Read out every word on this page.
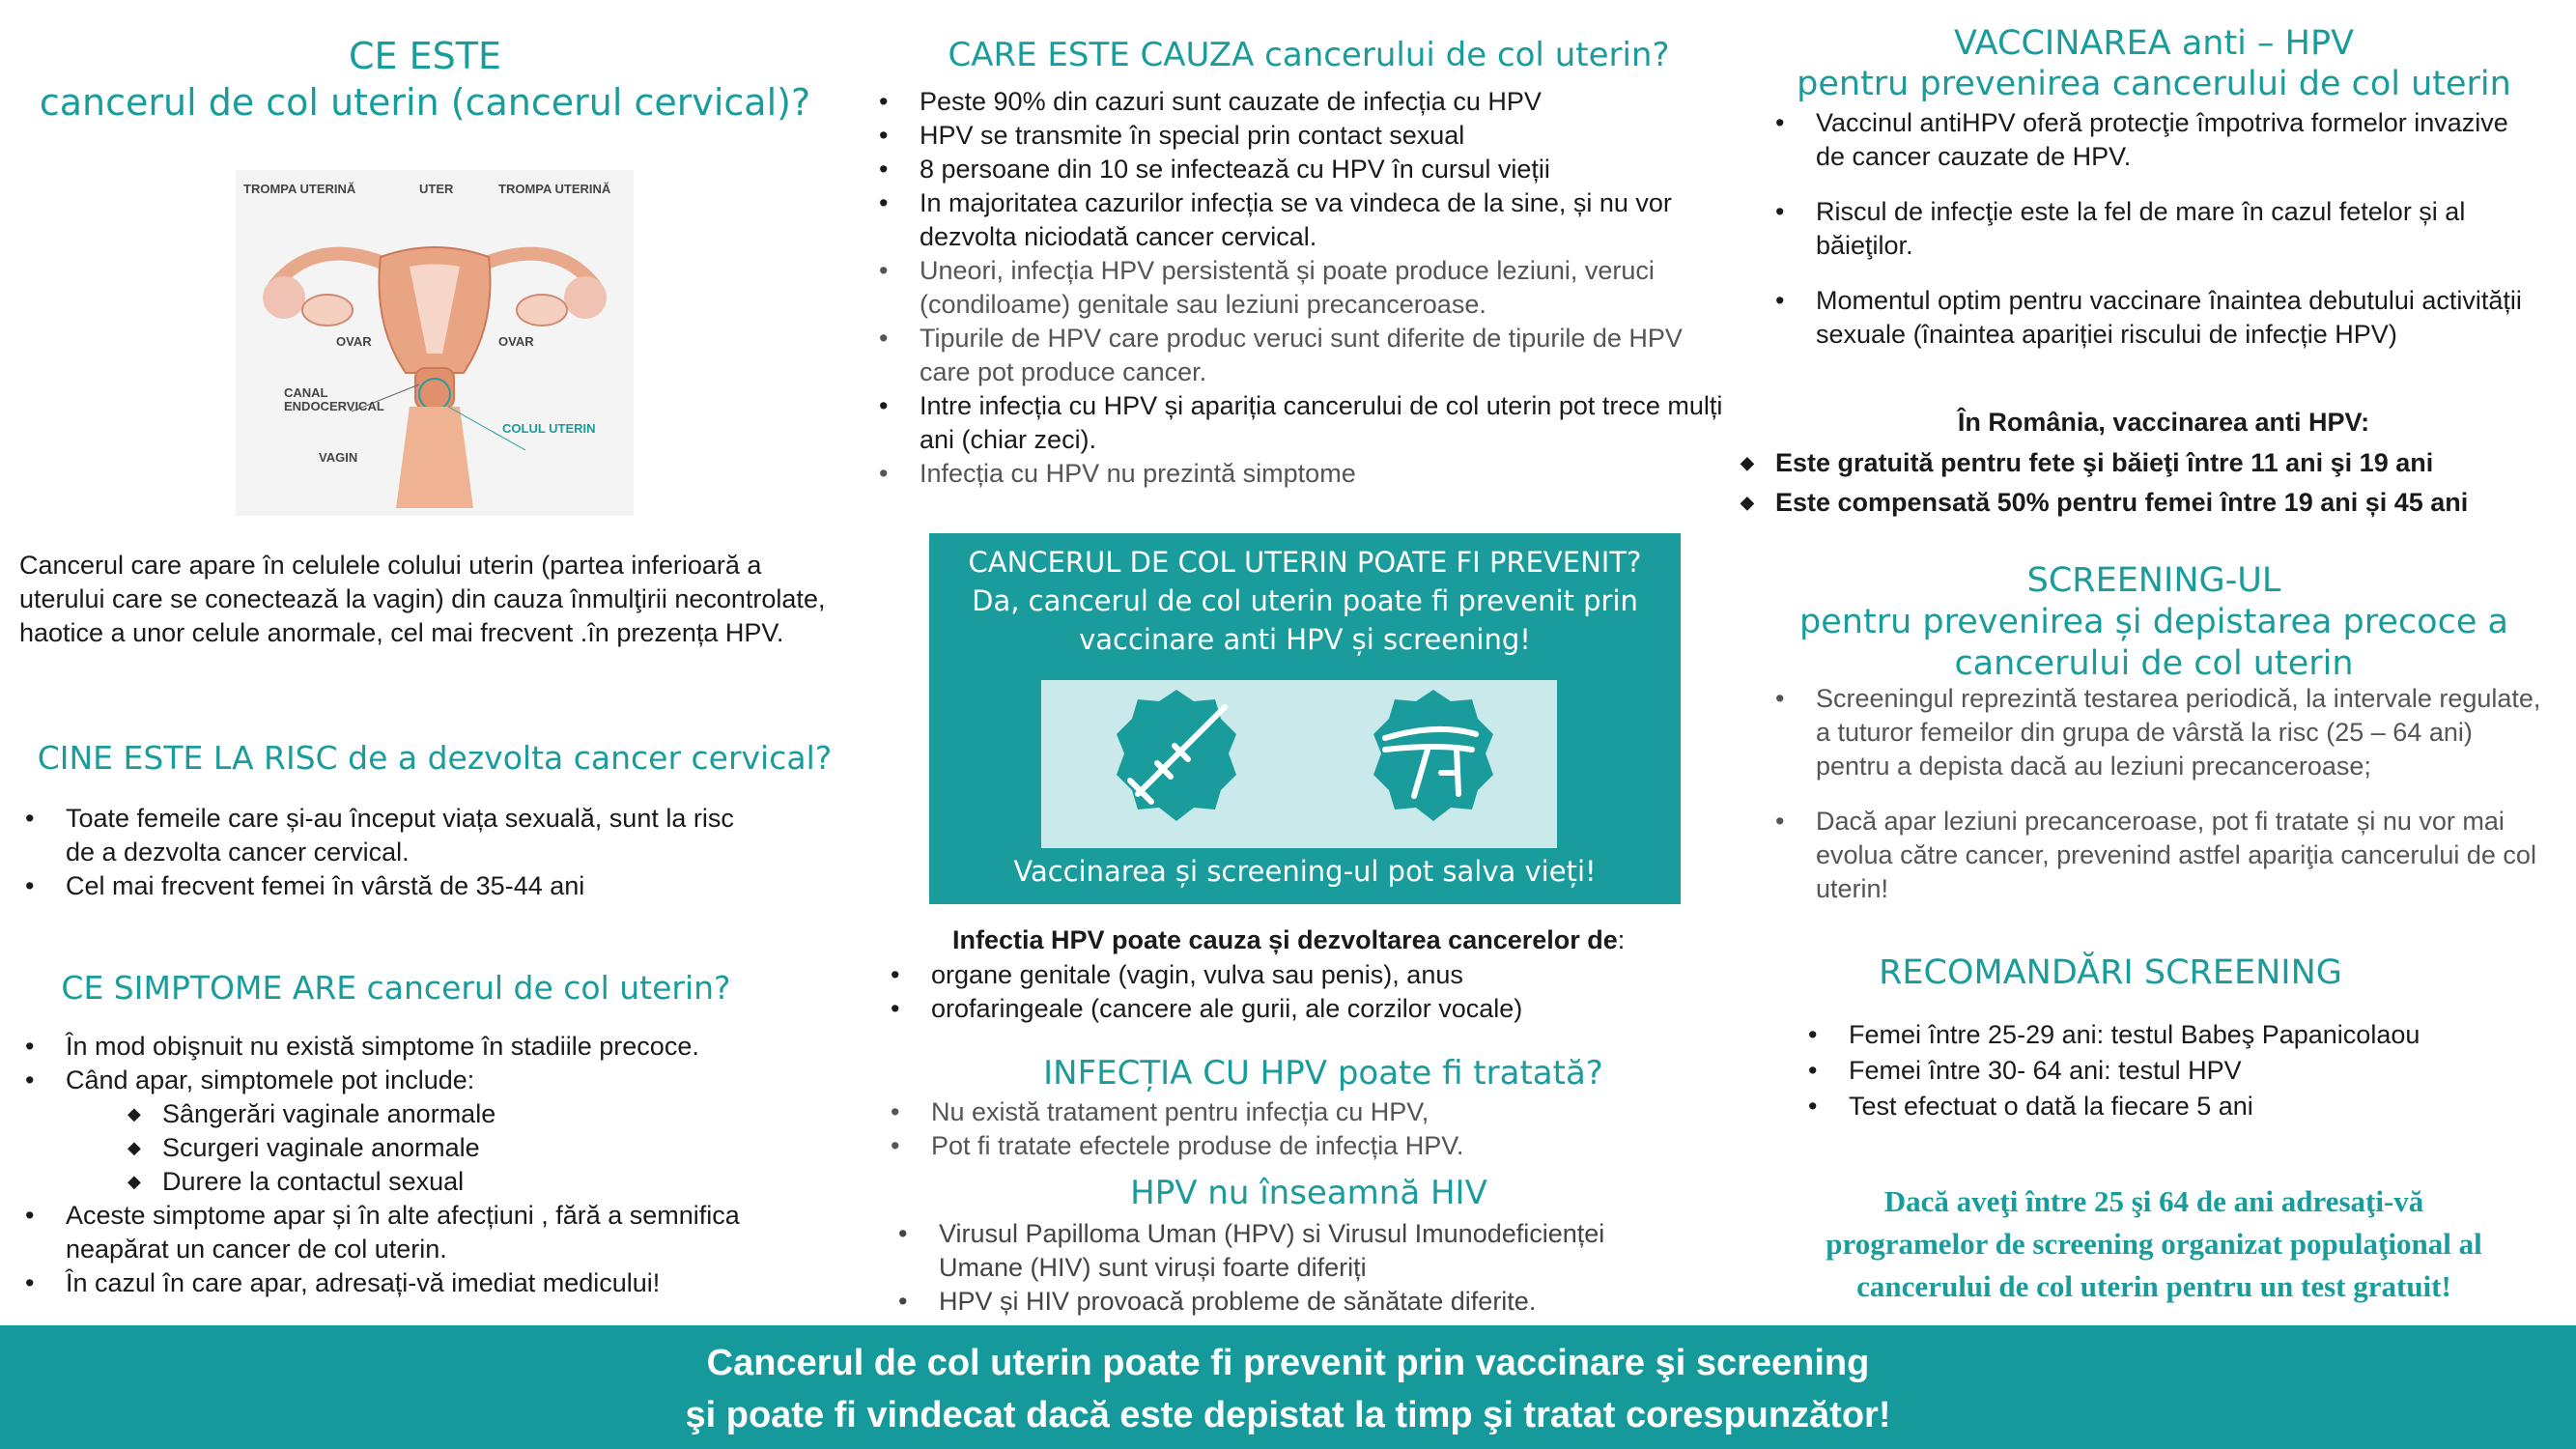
CE ESTE
cancerul de col uterin (cancerul cervical)?
TROMPA UTERINĂ	UTER	TROMPA UTERINĂ
OVAR	OVAR
CANAL
ENDOCERVICAL
COLUL UTERIN
VAGIN
Cancerul care apare în celulele colului uterin (partea inferioară a uterului care se conectează la vagin) din cauza înmulţirii necontrolate, haotice a unor celule anormale, cel mai frecvent .în prezența HPV.
CINE ESTE LA RISC de a dezvolta cancer cervical?
• Toate femeile care și-au început viața sexuală, sunt la risc de a dezvolta cancer cervical.
• Cel mai frecvent femei în vârstă de 35-44 ani
CE SIMPTOME ARE cancerul de col uterin?
• În mod obişnuit nu există simptome în stadiile precoce.
• Când apar, simptomele pot include:
◆ Sângerări vaginale anormale
◆ Scurgeri vaginale anormale
◆ Durere la contactul sexual
• Aceste simptome apar și în alte afecțiuni , fără a semnifica neapărat un cancer de col uterin.
• În cazul în care apar, adresați-vă imediat medicului!
CARE ESTE CAUZA cancerului de col uterin?
• Peste 90% din cazuri sunt cauzate de infecția cu HPV
• HPV se transmite în special prin contact sexual
• 8 persoane din 10 se infectează cu HPV în cursul vieții
• In majoritatea cazurilor infecția se va vindeca de la sine, și nu vor dezvolta niciodată cancer cervical.
• Uneori, infecția HPV persistentă și poate produce leziuni, veruci (condiloame) genitale sau leziuni precanceroase.
• Tipurile de HPV care produc veruci sunt diferite de tipurile de HPV care pot produce cancer.
• Intre infecția cu HPV și apariția cancerului de col uterin pot trece mulți ani (chiar zeci).
• Infecția cu HPV nu prezintă simptome
CANCERUL DE COL UTERIN POATE FI PREVENIT?
Da, cancerul de col uterin poate fi prevenit prin
vaccinare anti HPV și screening!
Vaccinarea și screening-ul pot salva vieți!
Infectia HPV poate cauza și dezvoltarea cancerelor de:
• organe genitale (vagin, vulva sau penis), anus
• orofaringeale (cancere ale gurii, ale corzilor vocale)
INFECȚIA CU HPV poate fi tratată?
• Nu există tratament pentru infecția cu HPV,
• Pot fi tratate efectele produse de infecția HPV.
HPV nu înseamnă HIV
• Virusul Papilloma Uman (HPV) si Virusul Imunodeficienței Umane (HIV) sunt viruși foarte diferiți
• HPV și HIV provoacă probleme de sănătate diferite.
VACCINAREA anti – HPV
pentru prevenirea cancerului de col uterin
• Vaccinul antiHPV oferă protecţie împotriva formelor invazive de cancer cauzate de HPV.
• Riscul de infecţie este la fel de mare în cazul fetelor și al băieţilor.
• Momentul optim pentru vaccinare înaintea debutului activității sexuale (înaintea apariției riscului de infecție HPV)
În România, vaccinarea anti HPV:
◆ Este gratuită pentru fete şi băieţi între 11 ani şi 19 ani
◆ Este compensată 50% pentru femei între 19 ani și 45 ani
SCREENING-UL
pentru prevenirea și depistarea precoce a
cancerului de col uterin
• Screeningul reprezintă testarea periodică, la intervale regulate, a tuturor femeilor din grupa de vârstă la risc (25 – 64 ani) pentru a depista dacă au leziuni precanceroase;
• Dacă apar leziuni precanceroase, pot fi tratate și nu vor mai evolua către cancer, prevenind astfel apariţia cancerului de col uterin!
RECOMANDĂRI SCREENING
• Femei între 25-29 ani: testul Babeş Papanicolaou
• Femei între 30- 64 ani: testul HPV
• Test efectuat o dată la fiecare 5 ani
Dacă aveţi între 25 şi 64 de ani adresaţi-vă
programelor de screening organizat populaţional al
cancerului de col uterin pentru un test gratuit!
Cancerul de col uterin poate fi prevenit prin vaccinare şi screening
şi poate fi vindecat dacă este depistat la timp şi tratat corespunzător!
